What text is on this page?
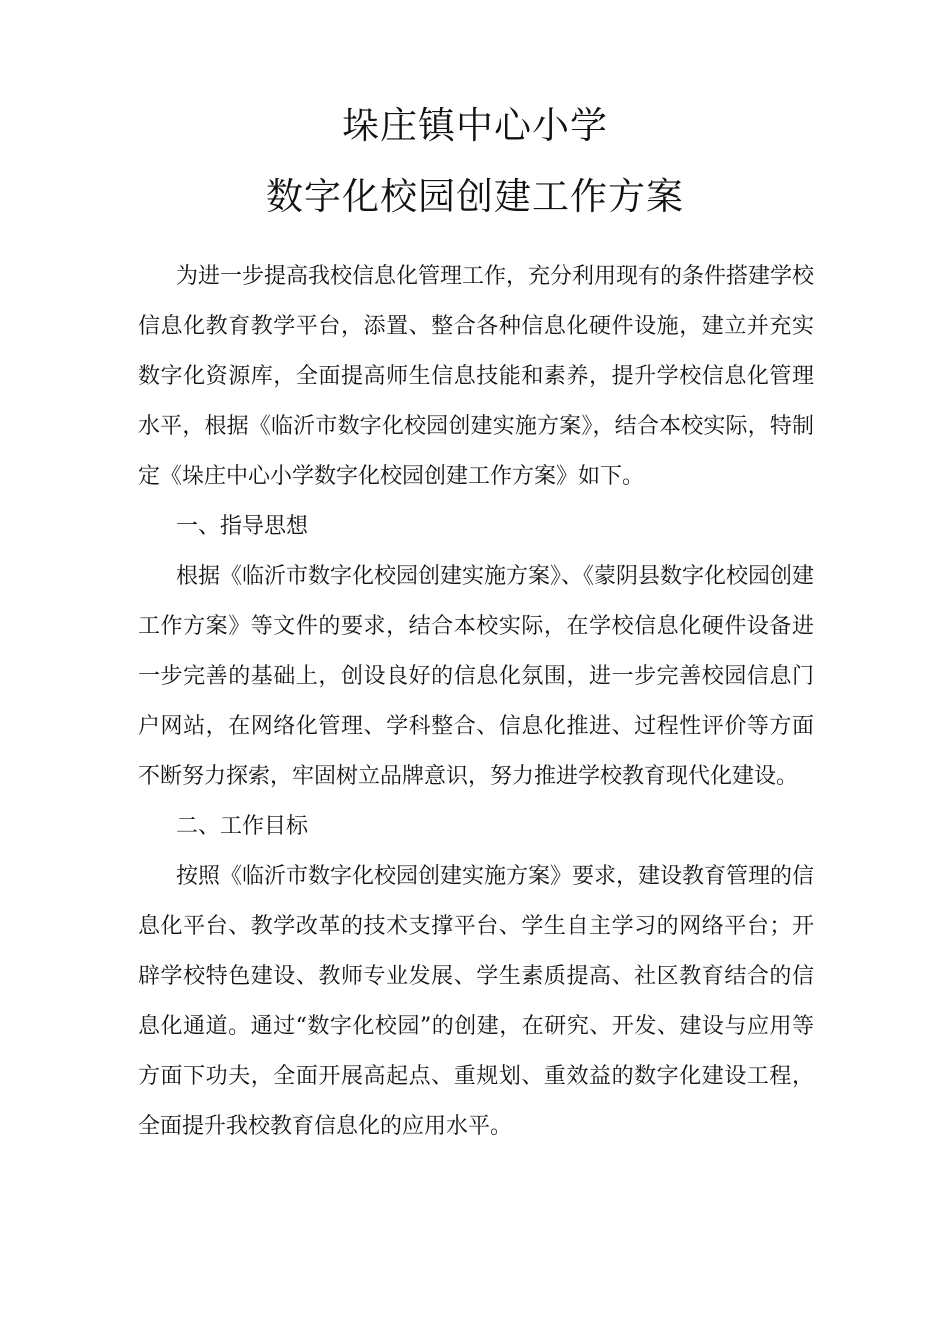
垛庄镇中心小学
数字化校园创建工作方案

为进一步提高我校信息化管理工作，充分利用现有的条件搭建学校信息化教育教学平台，添置、整合各种信息化硬件设施，建立并充实数字化资源库，全面提高师生信息技能和素养，提升学校信息化管理水平，根据《临沂市数字化校园创建实施方案》，结合本校实际，特制定《垛庄中心小学数字化校园创建工作方案》如下。

一、指导思想

根据《临沂市数字化校园创建实施方案》、《蒙阴县数字化校园创建工作方案》等文件的要求，结合本校实际，在学校信息化硬件设备进一步完善的基础上，创设良好的信息化氛围，进一步完善校园信息门户网站，在网络化管理、学科整合、信息化推进、过程性评价等方面不断努力探索，牢固树立品牌意识，努力推进学校教育现代化建设。

二、工作目标

按照《临沂市数字化校园创建实施方案》要求，建设教育管理的信息化平台、教学改革的技术支撑平台、学生自主学习的网络平台；开辟学校特色建设、教师专业发展、学生素质提高、社区教育结合的信息化通道。通过“数字化校园”的创建，在研究、开发、建设与应用等方面下功夫，全面开展高起点、重规划、重效益的数字化建设工程，全面提升我校教育信息化的应用水平。
